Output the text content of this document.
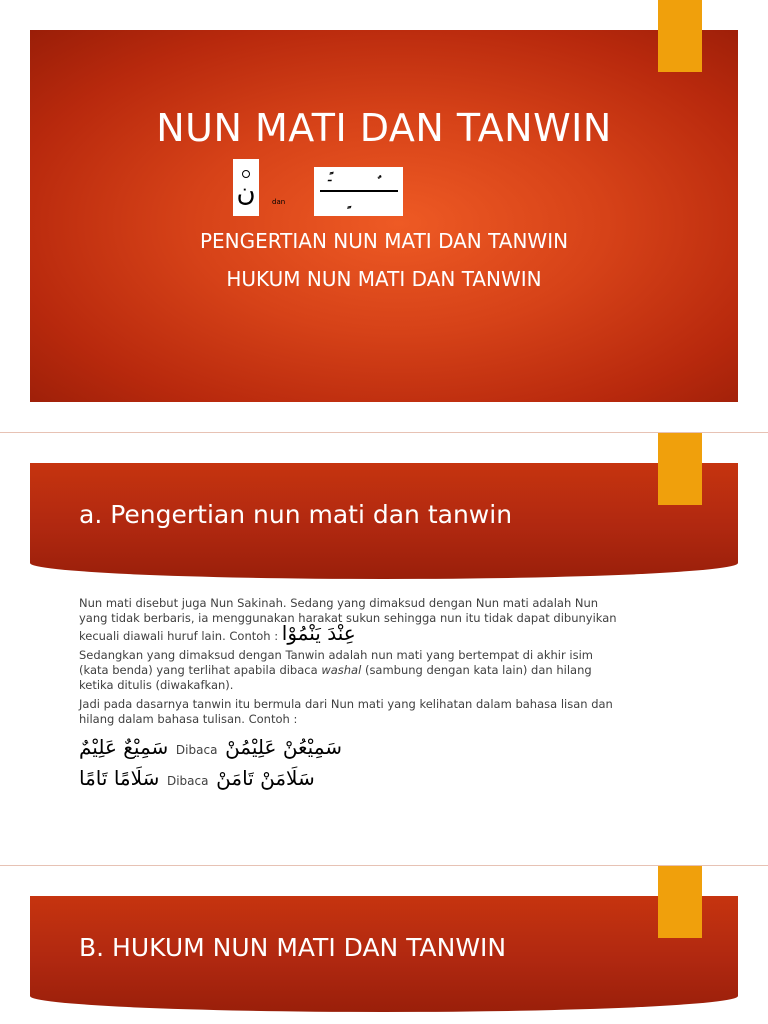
NUN MATI DAN TANWIN
ن dan
ﹱ	ﹲ
ﹴ
PENGERTIAN NUN MATI DAN TANWIN
HUKUM NUN MATI DAN TANWIN
a. Pengertian nun mati dan tanwin

Nun mati disebut juga Nun Sakinah. Sedang yang dimaksud dengan Nun mati adalah Nun yang tidak berbaris, ia menggunakan harakat sukun sehingga nun itu tidak dapat dibunyikan kecuali diawali huruf lain. Contoh : عِنْدَ يَنْمُوْا

Sedangkan yang dimaksud dengan Tanwin adalah nun mati yang bertempat di akhir isim (kata benda) yang terlihat apabila dibaca washal (sambung dengan kata lain) dan hilang ketika ditulis (diwakafkan).

Jadi pada dasarnya tanwin itu bermula dari Nun mati yang kelihatan dalam bahasa lisan dan hilang dalam bahasa tulisan. Contoh :

سَمِيْعٌ عَلِيْمٌ Dibaca سَمِيْعُنْ عَلِيْمُنْ
سَلَامًا تَامًا Dibaca سَلَامَنْ تَامَنْ
B. HUKUM NUN MATI DAN TANWIN
